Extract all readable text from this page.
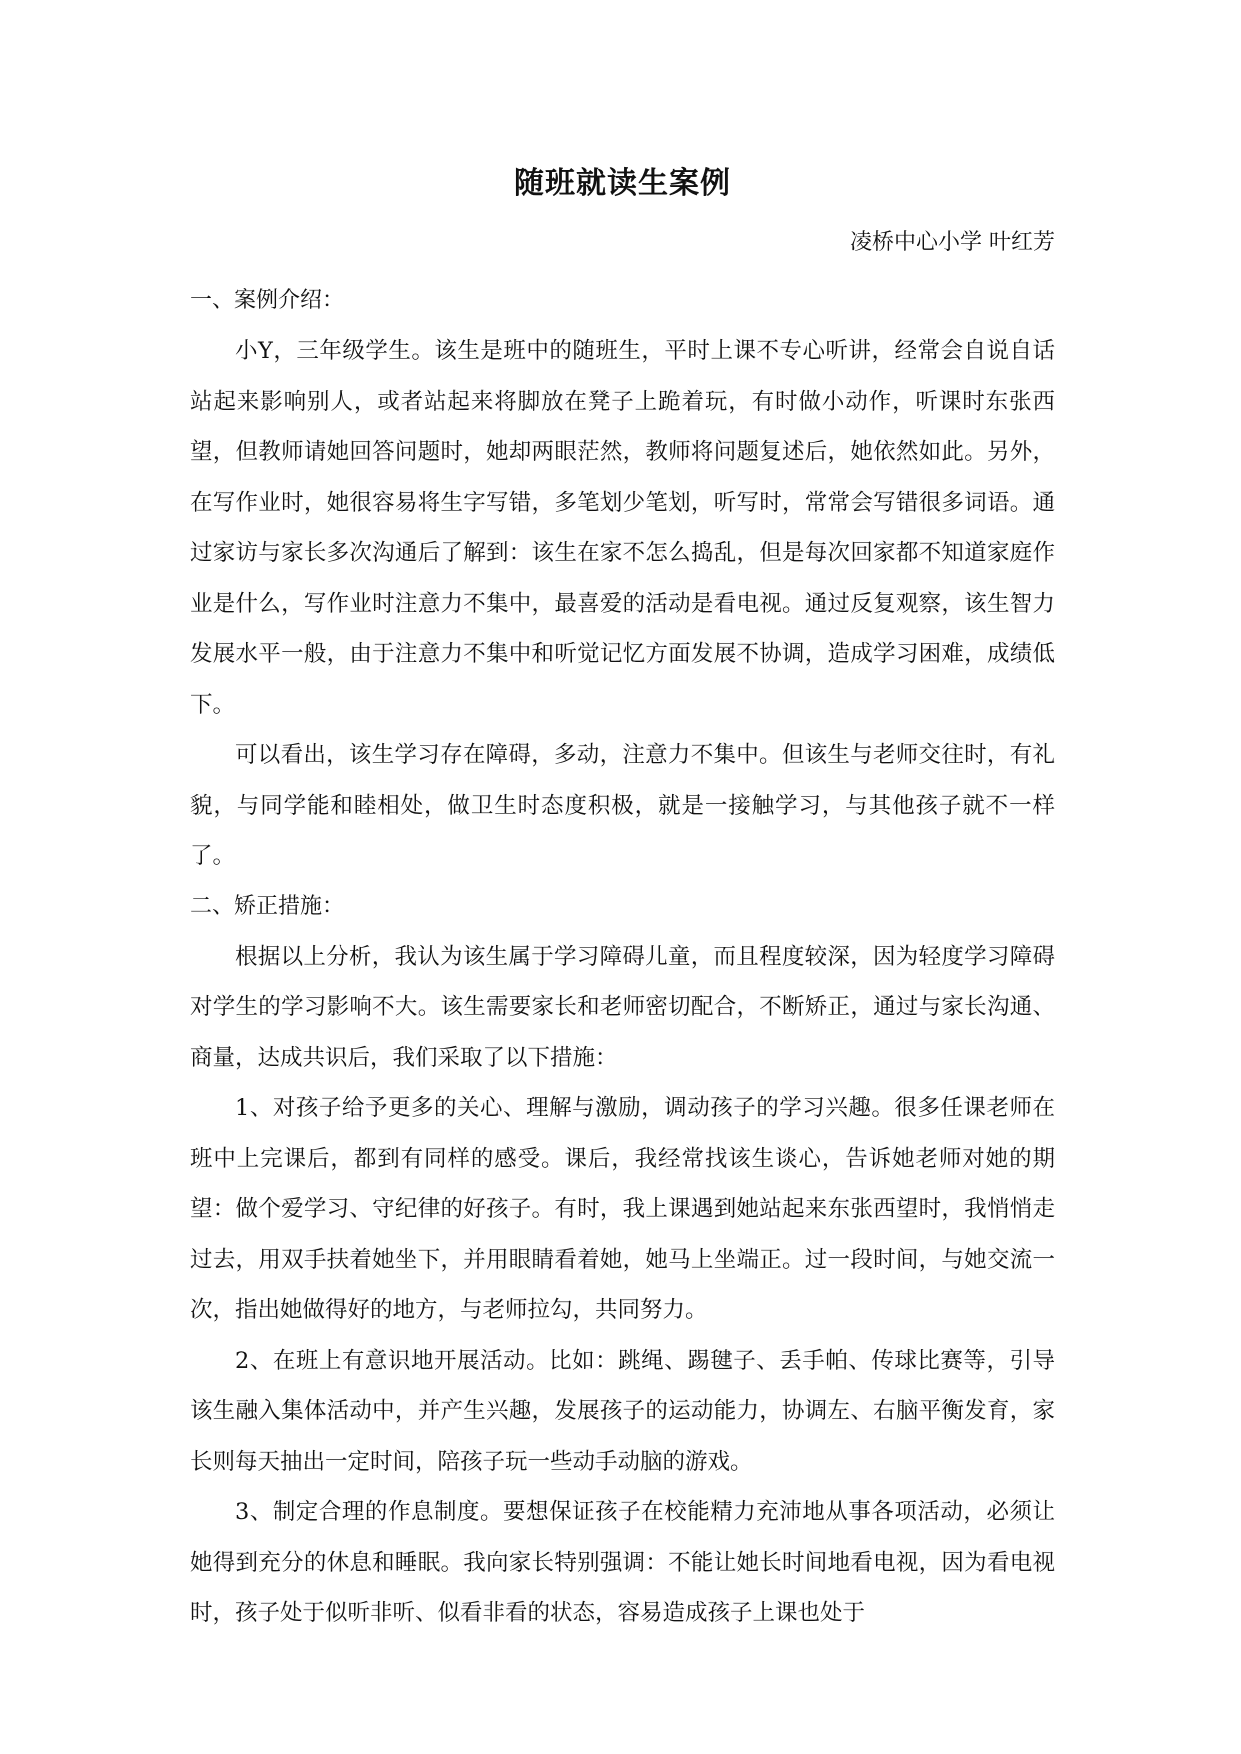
随班就读生案例
凌桥中心小学 叶红芳

一、案例介绍：

小Y，三年级学生。该生是班中的随班生，平时上课不专心听讲，经常会自说自话站起来影响别人，或者站起来将脚放在凳子上跪着玩，有时做小动作，听课时东张西望，但教师请她回答问题时，她却两眼茫然，教师将问题复述后，她依然如此。另外，在写作业时，她很容易将生字写错，多笔划少笔划，听写时，常常会写错很多词语。通过家访与家长多次沟通后了解到：该生在家不怎么捣乱，但是每次回家都不知道家庭作业是什么，写作业时注意力不集中，最喜爱的活动是看电视。通过反复观察，该生智力发展水平一般，由于注意力不集中和听觉记忆方面发展不协调，造成学习困难，成绩低下。

可以看出，该生学习存在障碍，多动，注意力不集中。但该生与老师交往时，有礼貌，与同学能和睦相处，做卫生时态度积极，就是一接触学习，与其他孩子就不一样了。

二、矫正措施：

根据以上分析，我认为该生属于学习障碍儿童，而且程度较深，因为轻度学习障碍对学生的学习影响不大。该生需要家长和老师密切配合，不断矫正，通过与家长沟通、商量，达成共识后，我们采取了以下措施：

1、对孩子给予更多的关心、理解与激励，调动孩子的学习兴趣。很多任课老师在班中上完课后，都到有同样的感受。课后，我经常找该生谈心，告诉她老师对她的期望：做个爱学习、守纪律的好孩子。有时，我上课遇到她站起来东张西望时，我悄悄走过去，用双手扶着她坐下，并用眼睛看着她，她马上坐端正。过一段时间，与她交流一次，指出她做得好的地方，与老师拉勾，共同努力。

2、在班上有意识地开展活动。比如：跳绳、踢毽子、丢手帕、传球比赛等，引导该生融入集体活动中，并产生兴趣，发展孩子的运动能力，协调左、右脑平衡发育，家长则每天抽出一定时间，陪孩子玩一些动手动脑的游戏。

3、制定合理的作息制度。要想保证孩子在校能精力充沛地从事各项活动，必须让她得到充分的休息和睡眠。我向家长特别强调：不能让她长时间地看电视，因为看电视时，孩子处于似听非听、似看非看的状态，容易造成孩子上课也处于
